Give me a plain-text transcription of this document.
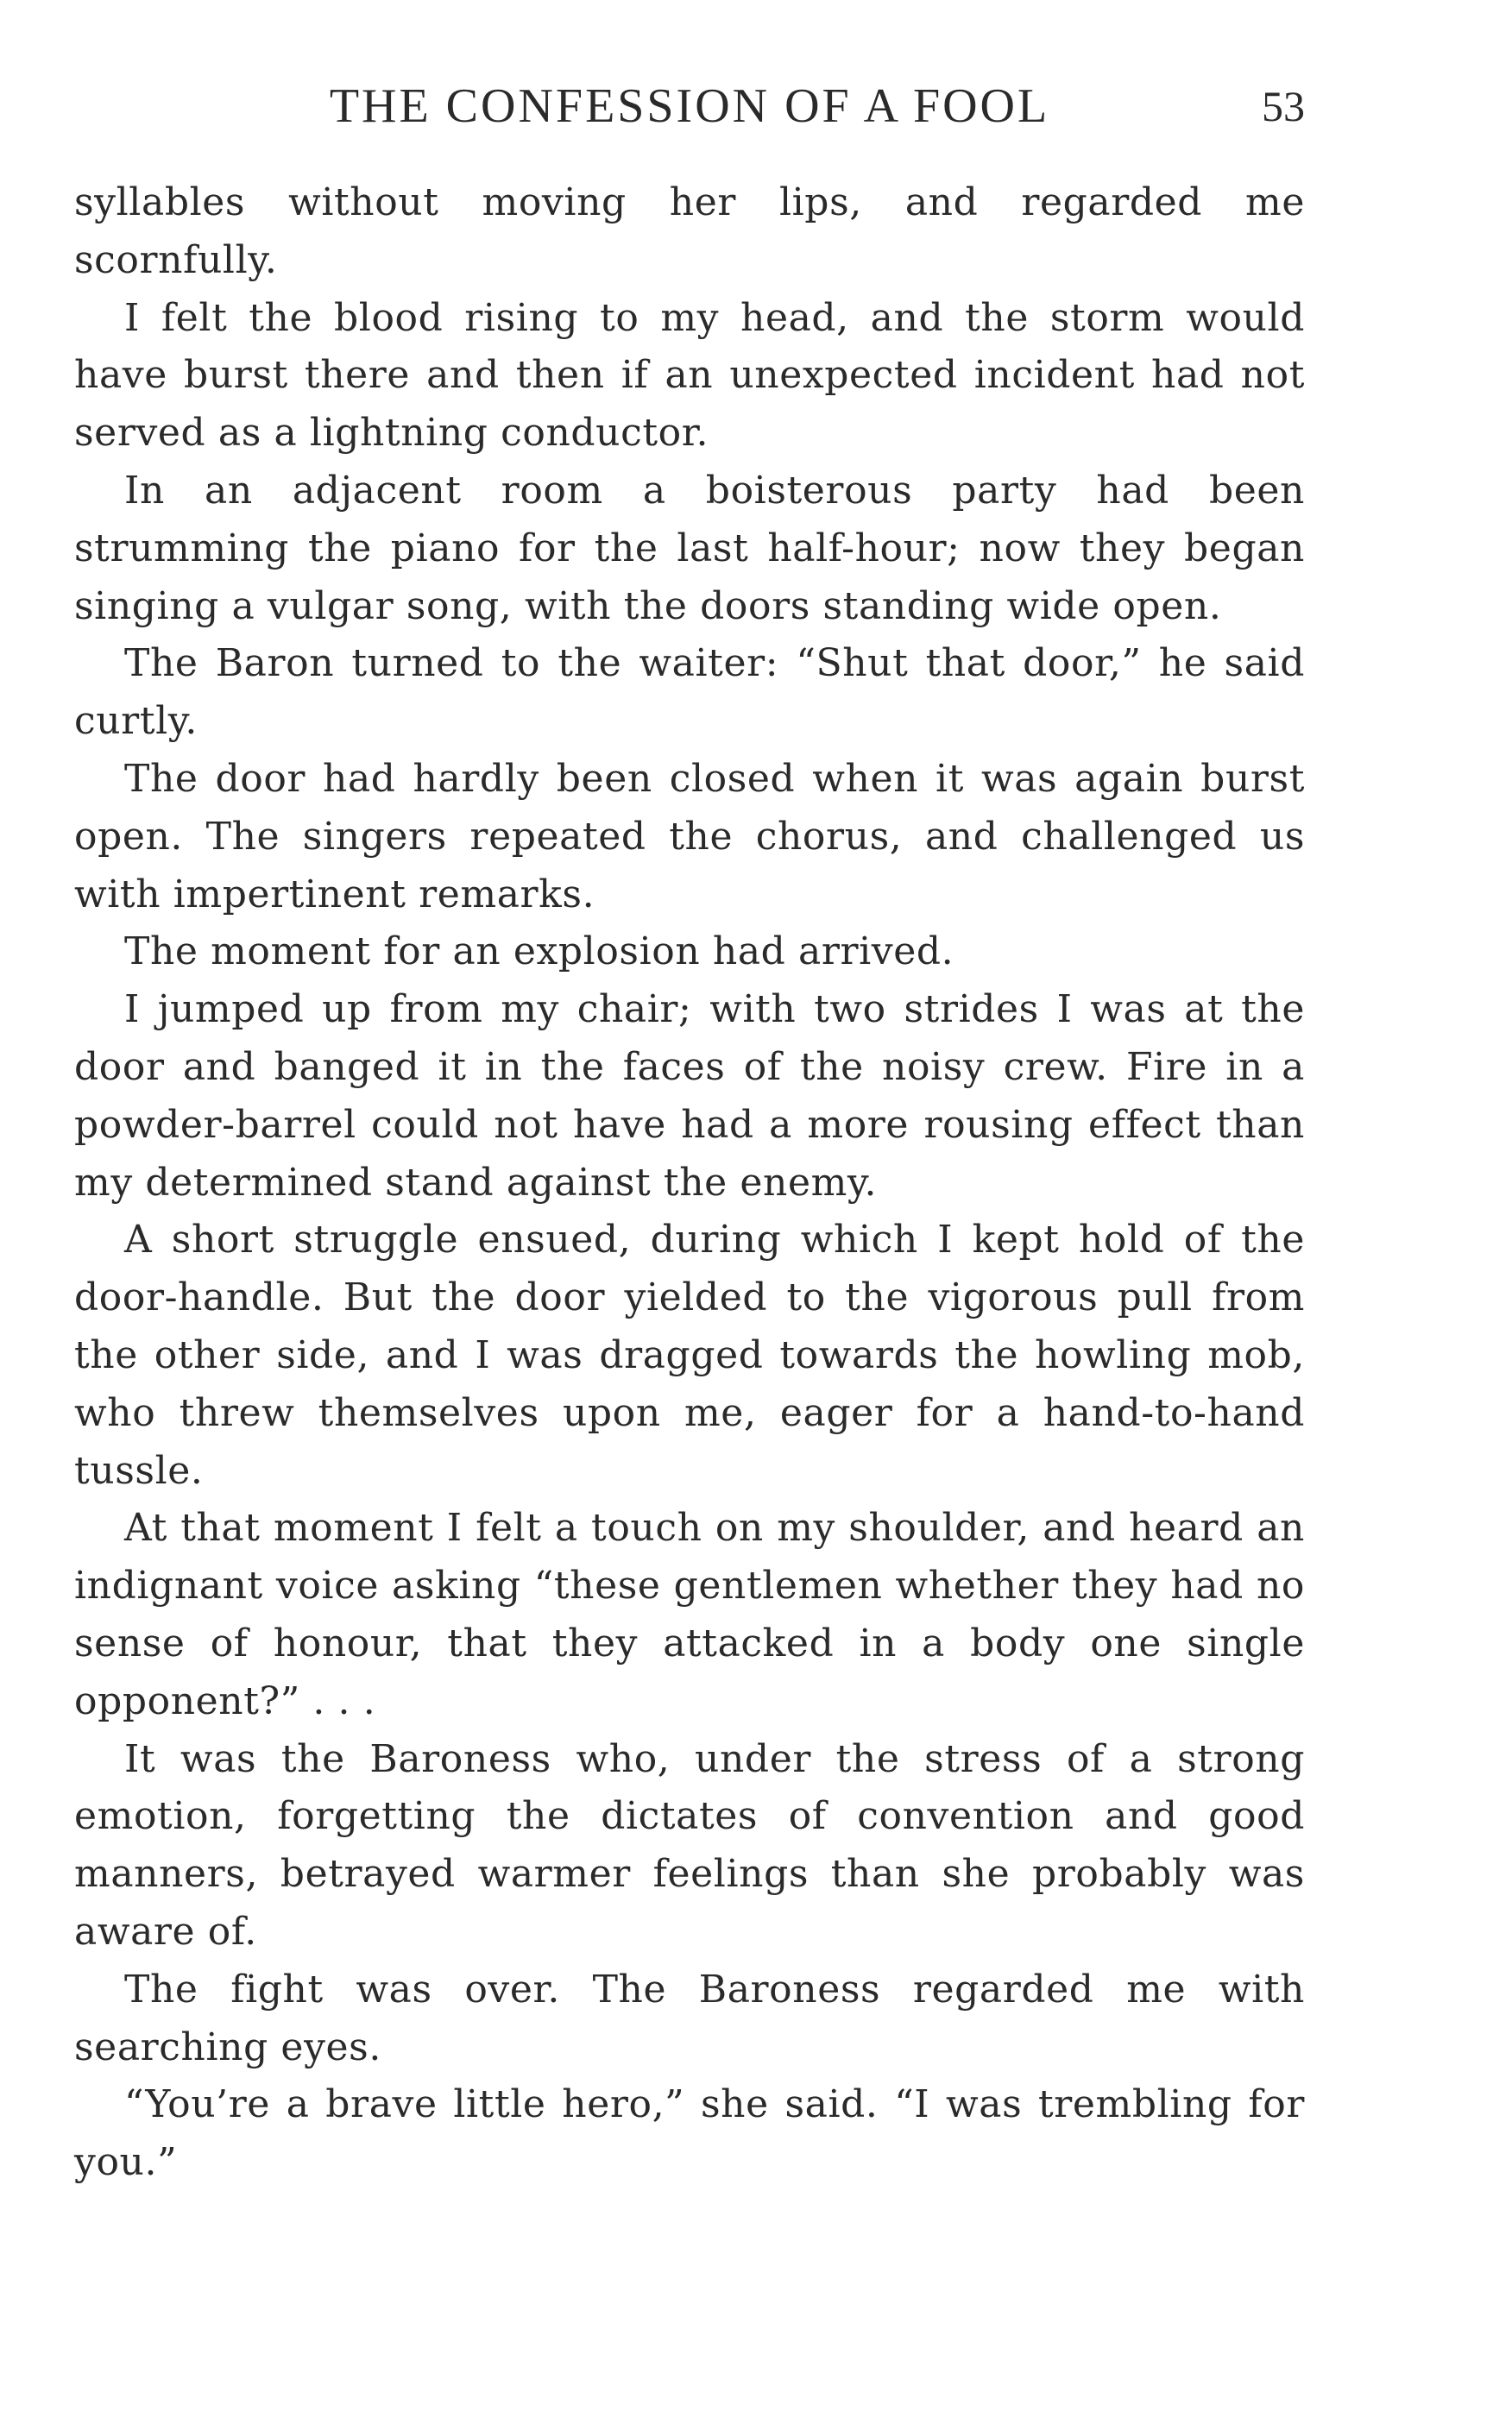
THE CONFESSION OF A FOOL	53

syllables without moving her lips, and regarded me scornfully.

I felt the blood rising to my head, and the storm would have burst there and then if an unexpected incident had not served as a lightning conductor.

In an adjacent room a boisterous party had been strumming the piano for the last half-hour; now they began singing a vulgar song, with the doors standing wide open.

The Baron turned to the waiter: “Shut that door,” he said curtly.

The door had hardly been closed when it was again burst open. The singers repeated the chorus, and challenged us with impertinent remarks.

The moment for an explosion had arrived.

I jumped up from my chair; with two strides I was at the door and banged it in the faces of the noisy crew. Fire in a powder-barrel could not have had a more rousing effect than my determined stand against the enemy.

A short struggle ensued, during which I kept hold of the door-handle. But the door yielded to the vigorous pull from the other side, and I was dragged towards the howling mob, who threw themselves upon me, eager for a hand-to-hand tussle.

At that moment I felt a touch on my shoulder, and heard an indignant voice asking “these gentlemen whether they had no sense of honour, that they attacked in a body one single opponent?” . . .

It was the Baroness who, under the stress of a strong emotion, forgetting the dictates of convention and good manners, betrayed warmer feelings than she probably was aware of.

The fight was over. The Baroness regarded me with searching eyes.

“You’re a brave little hero,” she said. “I was trembling for you.”
